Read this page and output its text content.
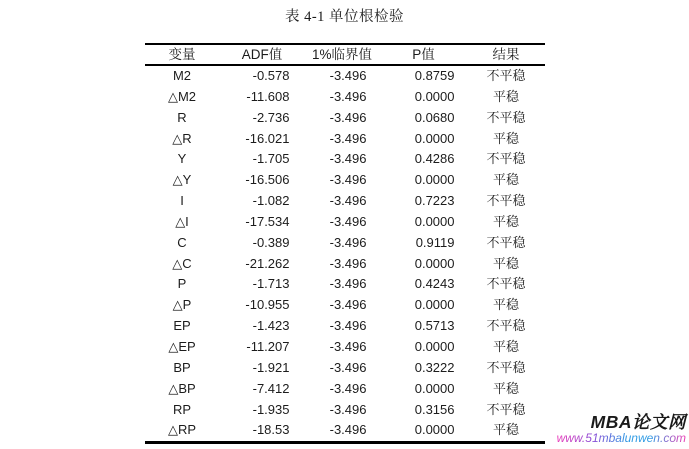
表 4-1 单位根检验
变量	ADF值	1%临界值	P值	结果
M2	-0.578	-3.496	0.8759	不平稳
△M2	-11.608	-3.496	0.0000	平稳
R	-2.736	-3.496	0.0680	不平稳
△R	-16.021	-3.496	0.0000	平稳
Y	-1.705	-3.496	0.4286	不平稳
△Y	-16.506	-3.496	0.0000	平稳
I	-1.082	-3.496	0.7223	不平稳
△I	-17.534	-3.496	0.0000	平稳
C	-0.389	-3.496	0.9119	不平稳
△C	-21.262	-3.496	0.0000	平稳
P	-1.713	-3.496	0.4243	不平稳
△P	-10.955	-3.496	0.0000	平稳
EP	-1.423	-3.496	0.5713	不平稳
△EP	-11.207	-3.496	0.0000	平稳
BP	-1.921	-3.496	0.3222	不平稳
△BP	-7.412	-3.496	0.0000	平稳
RP	-1.935	-3.496	0.3156	不平稳
△RP	-18.53	-3.496	0.0000	平稳	MBA论文网
www.51mbalunwen.com
